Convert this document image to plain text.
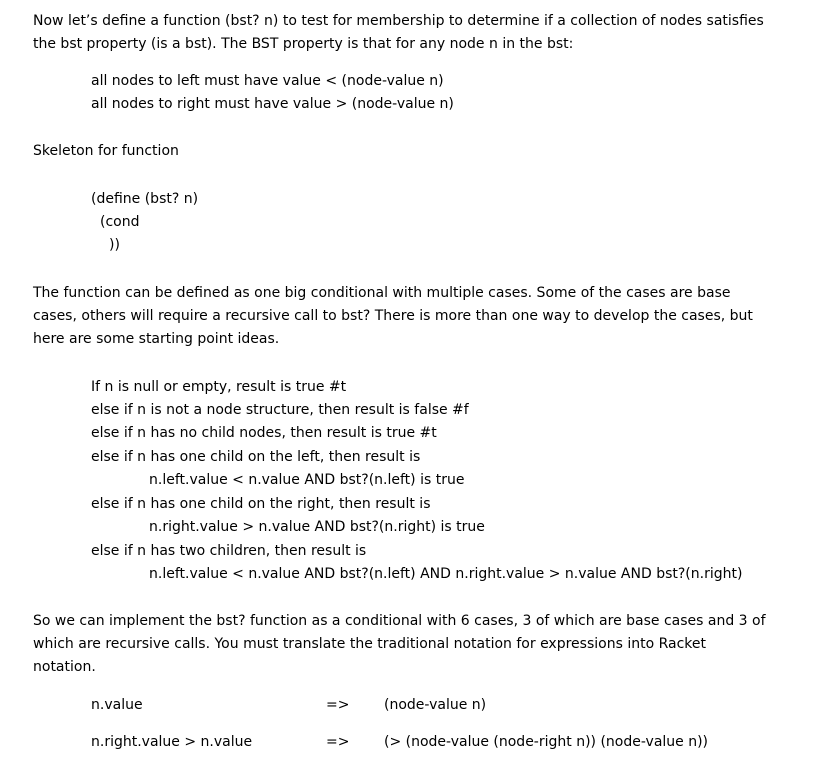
Now let’s define a function (bst? n) to test for membership to determine if a collection of nodes satisfies
the bst property (is a bst). The BST property is that for any node n in the bst:
all nodes to left must have value < (node-value n)
all nodes to right must have value > (node-value n)
Skeleton for function
(define (bst? n)
(cond
))
The function can be defined as one big conditional with multiple cases. Some of the cases are base
cases, others will require a recursive call to bst? There is more than one way to develop the cases, but
here are some starting point ideas.
If n is null or empty, result is true #t
else if n is not a node structure, then result is false #f
else if n has no child nodes, then result is true #t
else if n has one child on the left, then result is
n.left.value < n.value AND bst?(n.left) is true
else if n has one child on the right, then result is
n.right.value > n.value AND bst?(n.right) is true
else if n has two children, then result is
n.left.value < n.value AND bst?(n.left) AND n.right.value > n.value AND bst?(n.right)
So we can implement the bst? function as a conditional with 6 cases, 3 of which are base cases and 3 of
which are recursive calls. You must translate the traditional notation for expressions into Racket
notation.
n.value	=> (node-value n)
n.right.value > n.value	=> (> (node-value (node-right n)) (node-value n))
